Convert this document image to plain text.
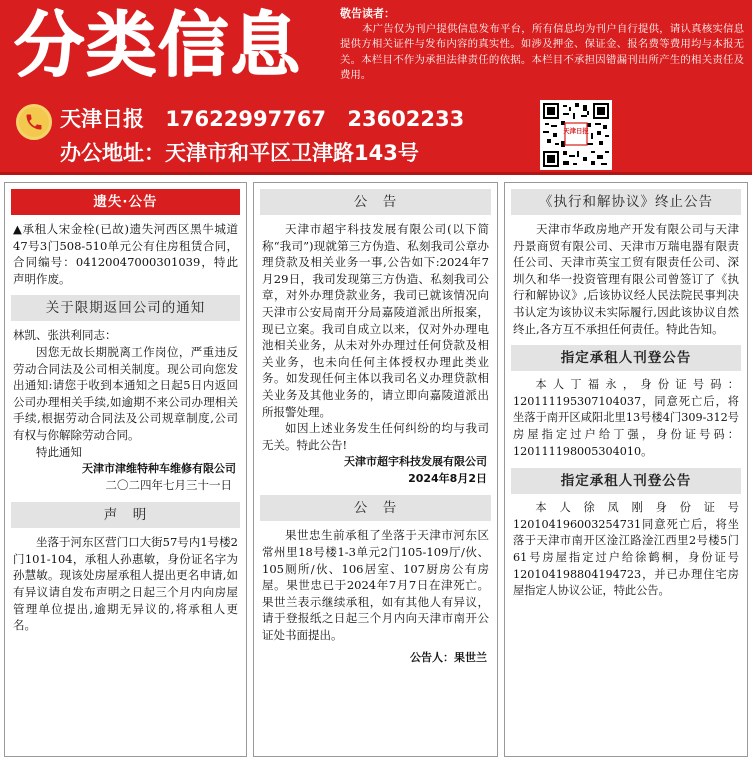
分类信息	敬告读者：
本广告仅为刊户提供信息发布平台，所有信息均为刊户自行提供，请认真核实信息提供方相关证件与发布内容的真实性。如涉及押金、保证金、报名费等费用均与本报无关。本栏目不作为承担法律责任的依据。本栏目不承担因错漏刊出所产生的相关责任及费用。
天津日报 17622997767 23602233
办公地址：天津市和平区卫津路143号
天津日报
遗失·公告
▲承租人宋金栓(已故)遗失河西区黑牛城道47号3门508-510单元公有住房租赁合同，合同编号：04120047000301039，特此声明作废。
关于限期返回公司的通知
林凯、张洪利同志：
因您无故长期脱离工作岗位，严重违反劳动合同法及公司相关制度。现公司向您发出通知:请您于收到本通知之日起5日内返回公司办理相关手续,如逾期不来公司办理相关手续,根据劳动合同法及公司规章制度,公司有权与你解除劳动合同。
特此通知
天津市津维特种车维修有限公司
二〇二四年七月三十一日
声　明
坐落于河东区营门口大街57号内1号楼2门101-104，承租人孙惠敏，身份证名字为孙慧敏。现该处房屋承租人提出更名申请,如有异议请自发布声明之日起三个月内向房屋管理单位提出,逾期无异议的,将承租人更名。
公　告
天津市超宇科技发展有限公司(以下简称“我司”)现就第三方伪造、私刻我司公章办理贷款及相关业务一事,公告如下:2024年7月29日，我司发现第三方伪造、私刻我司公章，对外办理贷款业务，我司已就该情况向天津市公安局南开分局嘉陵道派出所报案，现已立案。我司自成立以来，仅对外办理电池相关业务，从未对外办理过任何贷款及相关业务，也未向任何主体授权办理此类业务。如发现任何主体以我司名义办理贷款相关业务及其他业务的，请立即向嘉陵道派出所报警处理。
如因上述业务发生任何纠纷的均与我司无关。特此公告!
天津市超宇科技发展有限公司
2024年8月2日
公　告
果世忠生前承租了坐落于天津市河东区常州里18号楼1-3单元2门105-109厅/伙、105厕所/伙、106居室、107厨房公有房屋。果世忠已于2024年7月7日在津死亡。果世兰表示继续承租，如有其他人有异议，请于登报纸之日起三个月内向天津市南开公证处书面提出。
公告人：果世兰
《执行和解协议》终止公告
天津市华政房地产开发有限公司与天津丹景商贸有限公司、天津市万瑞电器有限责任公司、天津市英宝工贸有限责任公司、深圳久和华一投资管理有限公司曾签订了《执行和解协议》,后该协议经人民法院民事判决书认定为该协议未实际履行,因此该协议自然终止,各方互不承担任何责任。特此告知。
指定承租人刊登公告
本人丁福永，身份证号码：120111195307104037，同意死亡后，将坐落于南开区咸阳北里13号楼4门309-312号房屋指定过户给丁强，身份证号码：120111198005304010。
指定承租人刊登公告
本人徐凤刚身份证号120104196003254731同意死亡后，将坐落于天津市南开区淦江路淦江西里2号楼5门61号房屋指定过户给徐鹤桐，身份证号120104198804194723，并已办理住宅房屋指定人协议公证，特此公告。
